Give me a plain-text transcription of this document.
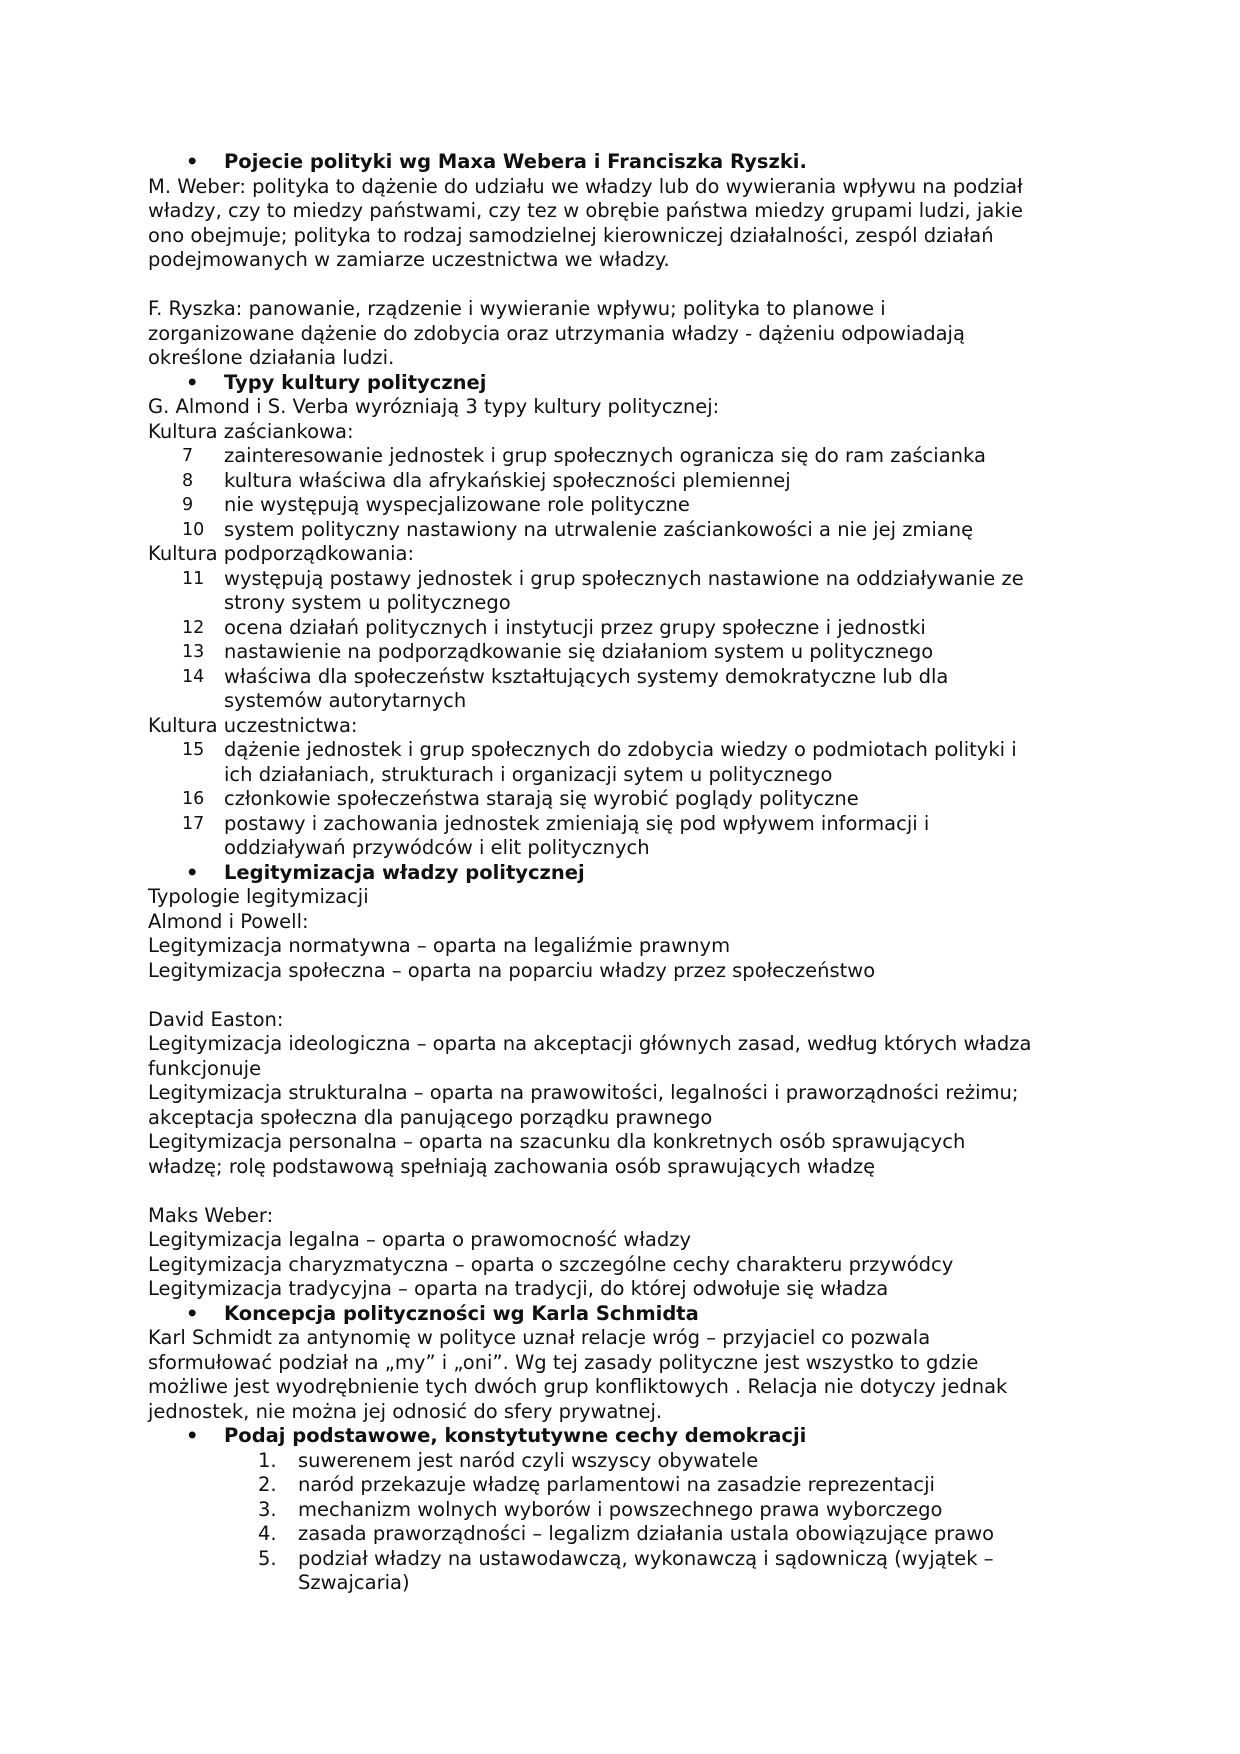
• Pojecie polityki wg Maxa Webera i Franciszka Ryszki.

M. Weber: polityka to dążenie do udziału we władzy lub do wywierania wpływu na podział

władzy, czy to miedzy państwami, czy tez w obrębie państwa miedzy grupami ludzi, jakie

ono obejmuje; polityka to rodzaj samodzielnej kierowniczej działalności, zespól działań

podejmowanych w zamiarze uczestnictwa we władzy.

F. Ryszka: panowanie, rządzenie i wywieranie wpływu; polityka to planowe i

zorganizowane dążenie do zdobycia oraz utrzymania władzy - dążeniu odpowiadają

określone działania ludzi.

• Typy kultury politycznej

G. Almond i S. Verba wyrózniają 3 typy kultury politycznej:

Kultura zaściankowa:

7	zainteresowanie jednostek i grup społecznych ogranicza się do ram zaścianka
8	kultura właściwa dla afrykańskiej społeczności plemiennej
9	nie występują wyspecjalizowane role polityczne
10 system polityczny nastawiony na utrwalenie zaściankowości a nie jej zmianę

Kultura podporządkowania:

11 występują postawy jednostek i grup społecznych nastawione na oddziaływanie ze
strony system u politycznego
12 ocena działań politycznych i instytucji przez grupy społeczne i jednostki
13 nastawienie na podporządkowanie się działaniom system u politycznego
14 właściwa dla społeczeństw kształtujących systemy demokratyczne lub dla
systemów autorytarnych

Kultura uczestnictwa:

15 dążenie jednostek i grup społecznych do zdobycia wiedzy o podmiotach polityki i
ich działaniach, strukturach i organizacji sytem u politycznego
16 członkowie społeczeństwa starają się wyrobić poglądy polityczne
17 postawy i zachowania jednostek zmieniają się pod wpływem informacji i
oddziaływań przywódców i elit politycznych

• Legitymizacja władzy politycznej

Typologie legitymizacji

Almond i Powell:

Legitymizacja normatywna – oparta na legaliźmie prawnym

Legitymizacja społeczna – oparta na poparciu władzy przez społeczeństwo

David Easton:

Legitymizacja ideologiczna – oparta na akceptacji głównych zasad, według których władza

funkcjonuje

Legitymizacja strukturalna – oparta na prawowitości, legalności i praworządności reżimu;

akceptacja społeczna dla panującego porządku prawnego

Legitymizacja personalna – oparta na szacunku dla konkretnych osób sprawujących

władzę; rolę podstawową spełniają zachowania osób sprawujących władzę

Maks Weber:

Legitymizacja legalna – oparta o prawomocność władzy

Legitymizacja charyzmatyczna – oparta o szczególne cechy charakteru przywódcy

Legitymizacja tradycyjna – oparta na tradycji, do której odwołuje się władza

• Koncepcja polityczności wg Karla Schmidta

Karl Schmidt za antynomię w polityce uznał relacje wróg – przyjaciel co pozwala

sformułować podział na „my” i „oni”. Wg tej zasady polityczne jest wszystko to gdzie

możliwe jest wyodrębnienie tych dwóch grup konfliktowych . Relacja nie dotyczy jednak

jednostek, nie można jej odnosić do sfery prywatnej.

• Podaj podstawowe, konstytutywne cechy demokracji

1.	suwerenem jest naród czyli wszyscy obywatele
2.	naród przekazuje władzę parlamentowi na zasadzie reprezentacji
3.	mechanizm wolnych wyborów i powszechnego prawa wyborczego
4.	zasada praworządności – legalizm działania ustala obowiązujące prawo
5.	podział władzy na ustawodawczą, wykonawczą i sądowniczą (wyjątek –
Szwajcaria)
